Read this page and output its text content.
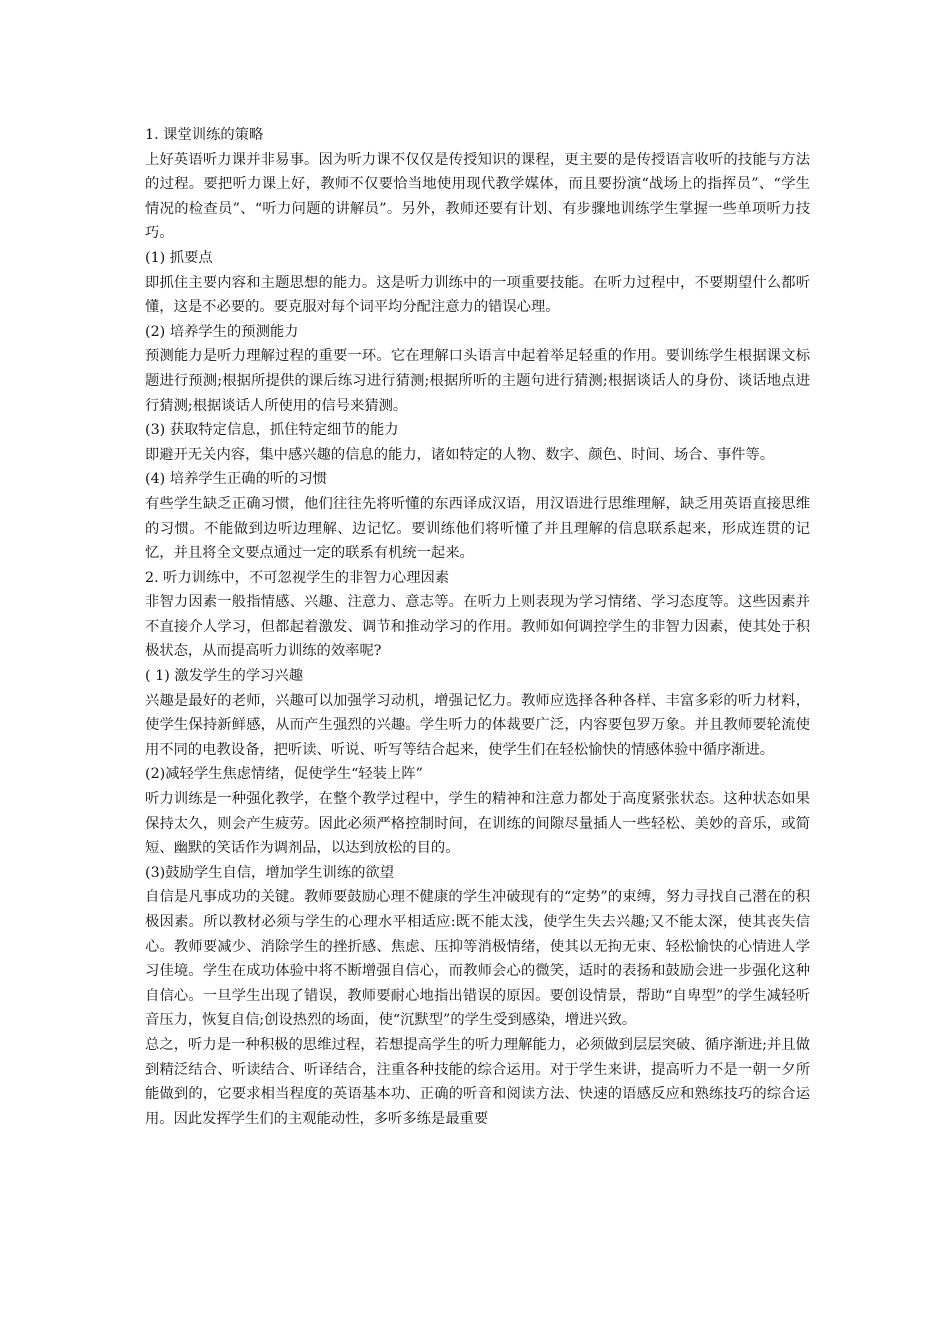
1. 课堂训练的策略

上好英语听力课并非易事。因为听力课不仅仅是传授知识的课程，更主要的是传授语言收听的技能与方法的过程。要把听力课上好，教师不仅要恰当地使用现代教学媒体，而且要扮演“战场上的指挥员”、“学生情况的检查员”、“听力问题的讲解员”。另外，教师还要有计划、有步骤地训练学生掌握一些单项听力技巧。

(1) 抓要点

即抓住主要内容和主题思想的能力。这是听力训练中的一项重要技能。在听力过程中，不要期望什么都听懂，这是不必要的。要克服对每个词平均分配注意力的错误心理。

(2) 培养学生的预测能力

预测能力是听力理解过程的重要一环。它在理解口头语言中起着举足轻重的作用。要训练学生根据课文标题进行预测;根据所提供的课后练习进行猜测;根据所听的主题句进行猜测;根据谈话人的身份、谈话地点进行猜测;根据谈话人所使用的信号来猜测。

(3) 获取特定信息，抓住特定细节的能力

即避开无关内容，集中感兴趣的信息的能力，诸如特定的人物、数字、颜色、时间、场合、事件等。

(4) 培养学生正确的听的习惯

有些学生缺乏正确习惯，他们往往先将听懂的东西译成汉语，用汉语进行思维理解，缺乏用英语直接思维的习惯。不能做到边听边理解、边记忆。要训练他们将听懂了并且理解的信息联系起来，形成连贯的记忆，并且将全文要点通过一定的联系有机统一起来。

2. 听力训练中，不可忽视学生的非智力心理因素

非智力因素一般指情感、兴趣、注意力、意志等。在听力上则表现为学习情绪、学习态度等。这些因素并不直接介人学习，但都起着激发、调节和推动学习的作用。教师如何调控学生的非智力因素，使其处于积极状态，从而提高听力训练的效率呢?

( 1) 激发学生的学习兴趣

兴趣是最好的老师，兴趣可以加强学习动机，增强记忆力。教师应选择各种各样、丰富多彩的听力材料，使学生保持新鲜感，从而产生强烈的兴趣。学生听力的体裁要广泛，内容要包罗万象。并且教师要轮流使用不同的电教设备，把听读、听说、听写等结合起来，使学生们在轻松愉快的情感体验中循序渐进。

(2)减轻学生焦虑情绪，促使学生“轻装上阵”

听力训练是一种强化教学，在整个教学过程中，学生的精神和注意力都处于高度紧张状态。这种状态如果保持太久，则会产生疲劳。因此必须严格控制时间，在训练的间隙尽量插人一些轻松、美妙的音乐，或简短、幽默的笑话作为调剂品，以达到放松的目的。

(3)鼓励学生自信，增加学生训练的欲望

自信是凡事成功的关键。教师要鼓励心理不健康的学生冲破现有的“定势”的束缚，努力寻找自己潜在的积极因素。所以教材必须与学生的心理水平相适应:既不能太浅，使学生失去兴趣;又不能太深，使其丧失信心。教师要减少、消除学生的挫折感、焦虑、压抑等消极情绪，使其以无拘无束、轻松愉快的心情进人学习佳境。学生在成功体验中将不断增强自信心，而教师会心的微笑，适时的表扬和鼓励会进一步强化这种自信心。一旦学生出现了错误，教师要耐心地指出错误的原因。要创设情景，帮助“自卑型”的学生减轻听音压力，恢复自信;创设热烈的场面，使“沉默型”的学生受到感染，增进兴致。

总之，听力是一种积极的思维过程，若想提高学生的听力理解能力，必须做到层层突破、循序渐进;并且做到精泛结合、听读结合、听译结合，注重各种技能的综合运用。对于学生来讲，提高听力不是一朝一夕所能做到的，它要求相当程度的英语基本功、正确的听音和阅读方法、快速的语感反应和熟练技巧的综合运用。因此发挥学生们的主观能动性，多听多练是最重要
